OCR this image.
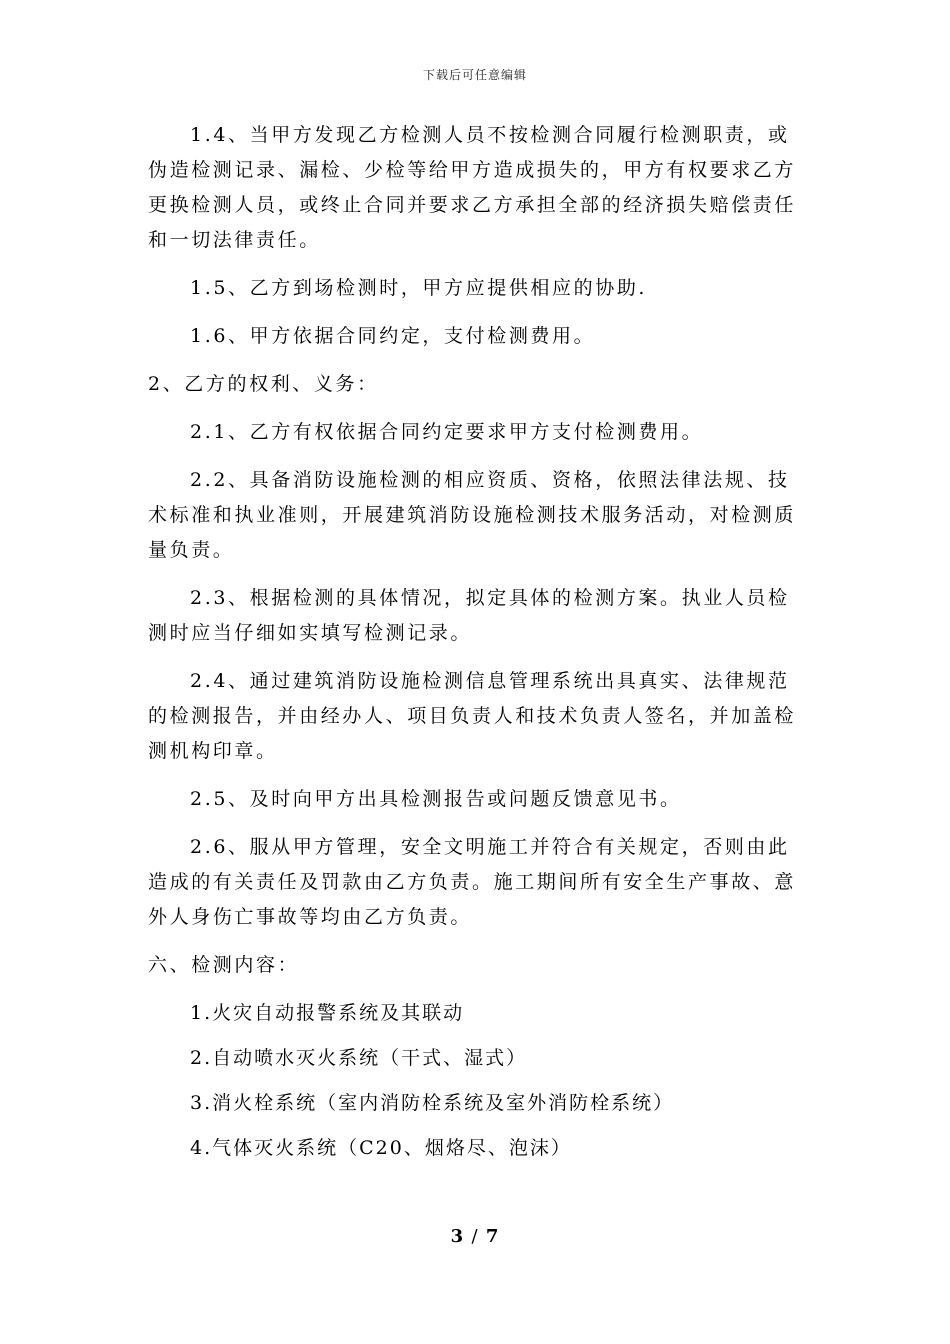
下载后可任意编辑

1.4、当甲方发现乙方检测人员不按检测合同履行检测职责，或伪造检测记录、漏检、少检等给甲方造成损失的，甲方有权要求乙方更换检测人员，或终止合同并要求乙方承担全部的经济损失赔偿责任和一切法律责任。

1.5、乙方到场检测时，甲方应提供相应的协助.

1.6、甲方依据合同约定，支付检测费用。

2、乙方的权利、义务：

2.1、乙方有权依据合同约定要求甲方支付检测费用。

2.2、具备消防设施检测的相应资质、资格，依照法律法规、技术标准和执业准则，开展建筑消防设施检测技术服务活动，对检测质量负责。

2.3、根据检测的具体情况，拟定具体的检测方案。执业人员检测时应当仔细如实填写检测记录。

2.4、通过建筑消防设施检测信息管理系统出具真实、法律规范的检测报告，并由经办人、项目负责人和技术负责人签名，并加盖检测机构印章。

2.5、及时向甲方出具检测报告或问题反馈意见书。

2.6、服从甲方管理，安全文明施工并符合有关规定，否则由此造成的有关责任及罚款由乙方负责。施工期间所有安全生产事故、意外人身伤亡事故等均由乙方负责。

六、检测内容：

1.火灾自动报警系统及其联动

2.自动喷水灭火系统（干式、湿式）

3.消火栓系统（室内消防栓系统及室外消防栓系统）

4.气体灭火系统（C20、烟烙尽、泡沫）

3 / 7
